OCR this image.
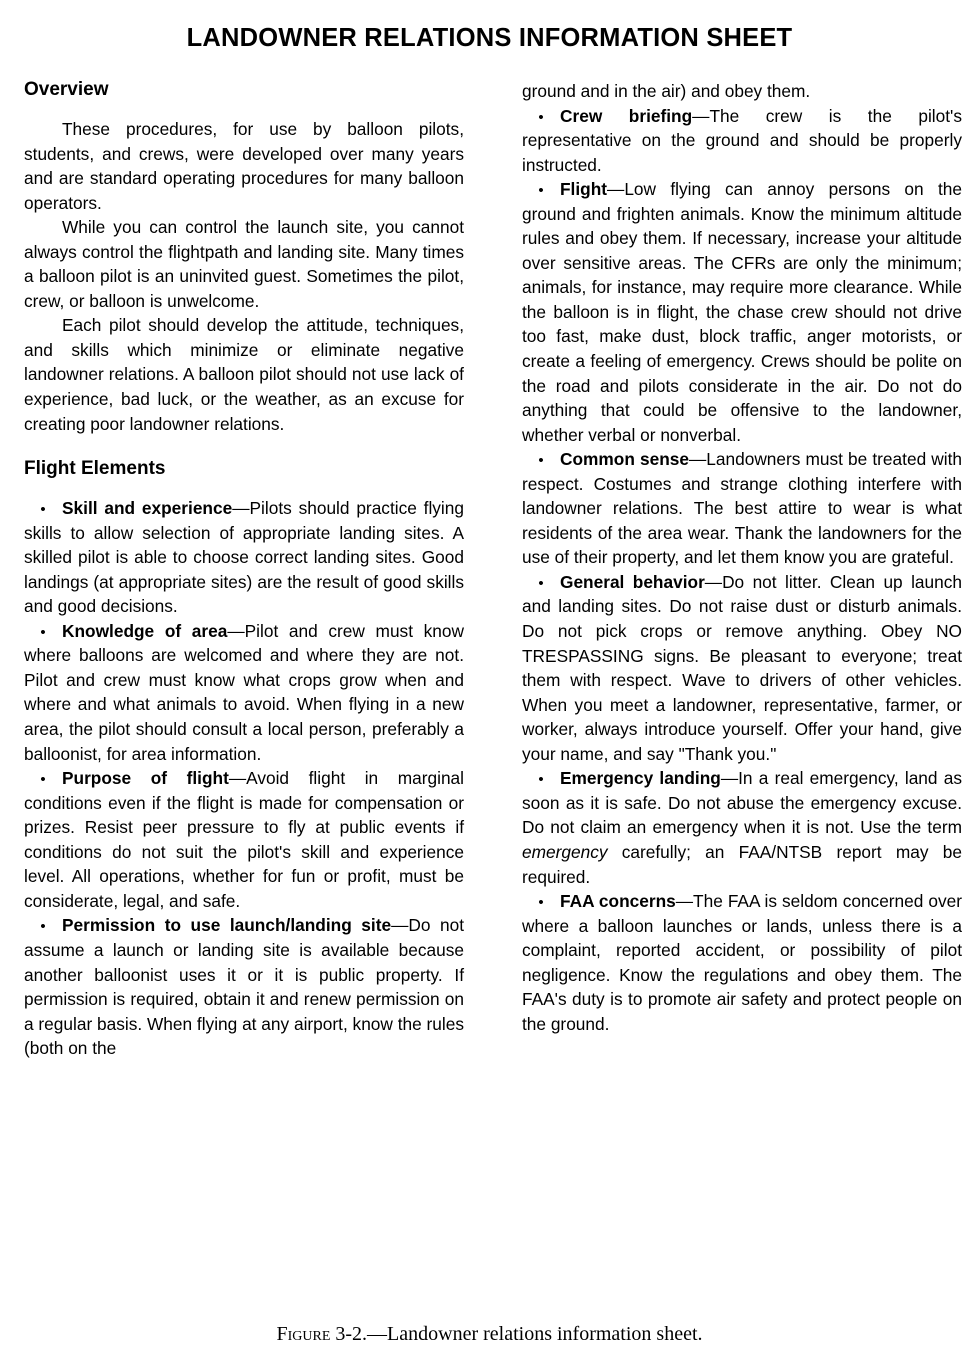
LANDOWNER RELATIONS INFORMATION SHEET
Overview

These procedures, for use by balloon pilots, students, and crews, were developed over many years and are standard operating procedures for many balloon operators.

While you can control the launch site, you cannot always control the flightpath and landing site. Many times a balloon pilot is an uninvited guest. Sometimes the pilot, crew, or balloon is unwelcome.

Each pilot should develop the attitude, techniques, and skills which minimize or eliminate negative landowner relations. A balloon pilot should not use lack of experience, bad luck, or the weather, as an excuse for creating poor landowner relations.

Flight Elements

• Skill and experience—Pilots should practice flying skills to allow selection of appropriate landing sites. A skilled pilot is able to choose correct landing sites. Good landings (at appropriate sites) are the result of good skills and good decisions.

• Knowledge of area—Pilot and crew must know where balloons are welcomed and where they are not. Pilot and crew must know what crops grow when and where and what animals to avoid. When flying in a new area, the pilot should consult a local person, preferably a balloonist, for area information.

• Purpose of flight—Avoid flight in marginal conditions even if the flight is made for compensation or prizes. Resist peer pressure to fly at public events if conditions do not suit the pilot's skill and experience level. All operations, whether for fun or profit, must be considerate, legal, and safe.

• Permission to use launch/landing site—Do not assume a launch or landing site is available because another balloonist uses it or it is public property. If permission is required, obtain it and renew permission on a regular basis. When flying at any airport, know the rules (both on the

ground and in the air) and obey them.

• Crew briefing—The crew is the pilot's representative on the ground and should be properly instructed.

• Flight—Low flying can annoy persons on the ground and frighten animals. Know the minimum altitude rules and obey them. If necessary, increase your altitude over sensitive areas. The CFRs are only the minimum; animals, for instance, may require more clearance. While the balloon is in flight, the chase crew should not drive too fast, make dust, block traffic, anger motorists, or create a feeling of emergency. Crews should be polite on the road and pilots considerate in the air. Do not do anything that could be offensive to the landowner, whether verbal or nonverbal.

• Common sense—Landowners must be treated with respect. Costumes and strange clothing interfere with landowner relations. The best attire to wear is what residents of the area wear. Thank the landowners for the use of their property, and let them know you are grateful.

• General behavior—Do not litter. Clean up launch and landing sites. Do not raise dust or disturb animals. Do not pick crops or remove anything. Obey NO TRESPASSING signs. Be pleasant to everyone; treat them with respect. Wave to drivers of other vehicles. When you meet a landowner, representative, farmer, or worker, always introduce yourself. Offer your hand, give your name, and say "Thank you."

• Emergency landing—In a real emergency, land as soon as it is safe. Do not abuse the emergency excuse. Do not claim an emergency when it is not. Use the term emergency carefully; an FAA/NTSB report may be required.

• FAA concerns—The FAA is seldom concerned over where a balloon launches or lands, unless there is a complaint, reported accident, or possibility of pilot negligence. Know the regulations and obey them. The FAA's duty is to promote air safety and protect people on the ground.

Figure 3-2.—Landowner relations information sheet.
